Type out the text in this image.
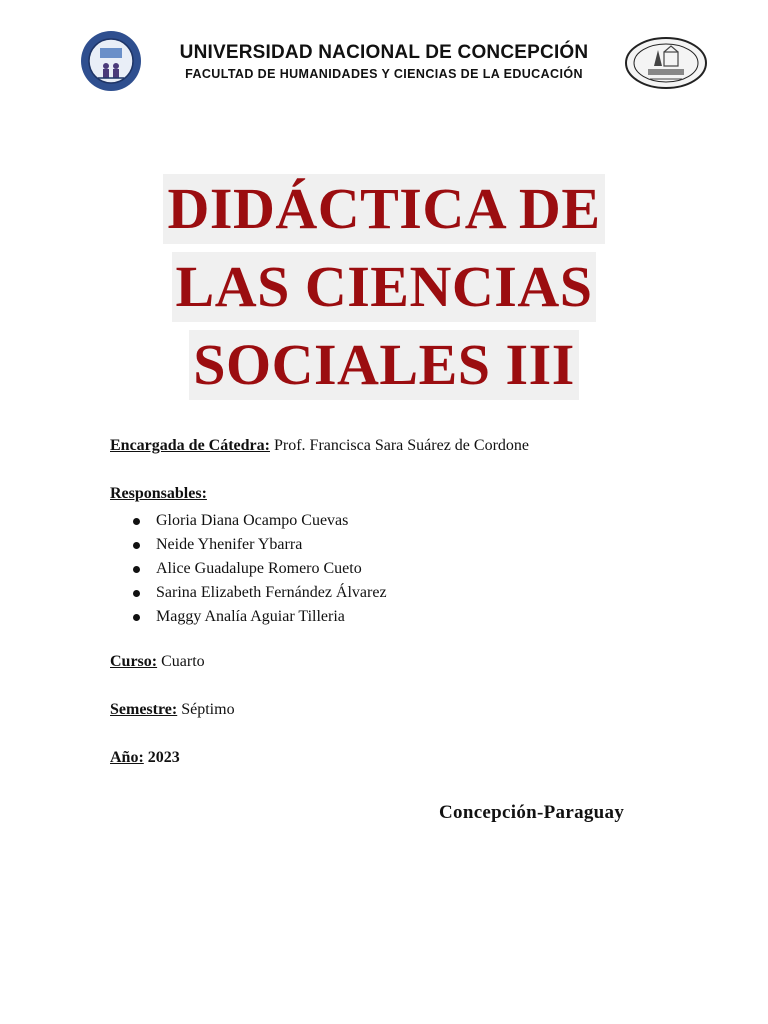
UNIVERSIDAD NACIONAL DE CONCEPCIÓN
FACULTAD DE HUMANIDADES Y CIENCIAS DE LA EDUCACIÓN
DIDÁCTICA DE
LAS CIENCIAS
SOCIALES III
Encargada de Cátedra: Prof. Francisca Sara Suárez de Cordone
Responsables:
Gloria Diana Ocampo Cuevas
Neide Yhenifer Ybarra
Alice Guadalupe Romero Cueto
Sarina Elizabeth Fernández Álvarez
Maggy Analía Aguiar Tilleria
Curso: Cuarto
Semestre: Séptimo
Año: 2023
Concepción-Paraguay
